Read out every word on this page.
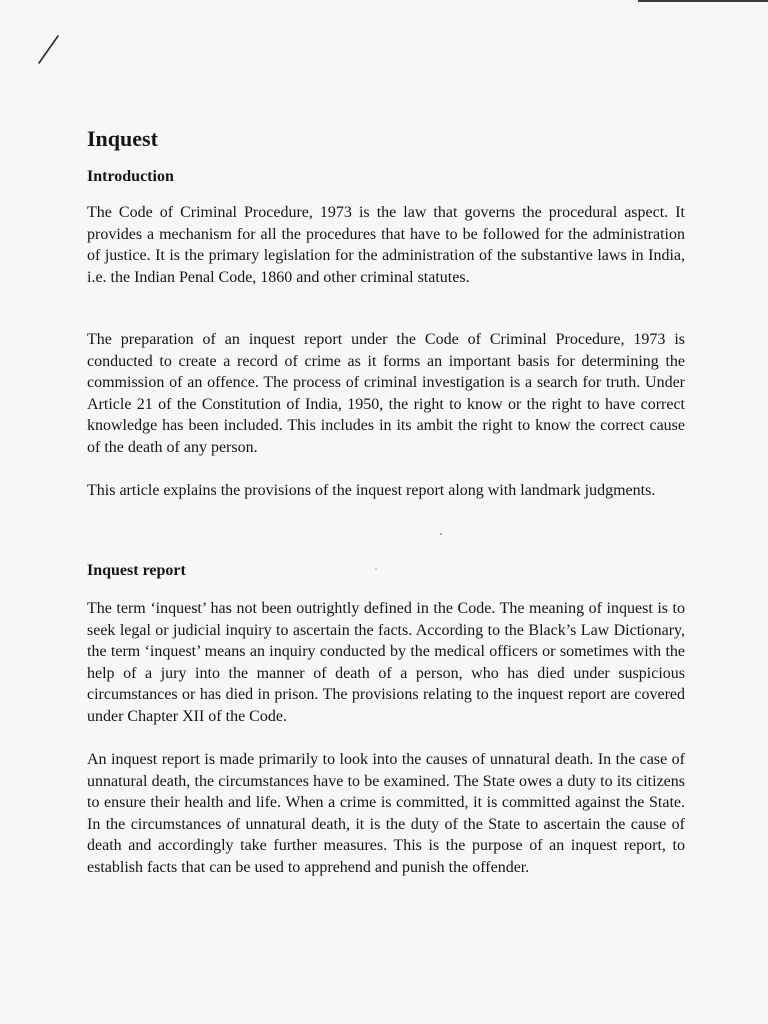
Inquest
Introduction

The Code of Criminal Procedure, 1973 is the law that governs the procedural aspect. It provides a mechanism for all the procedures that have to be followed for the administration of justice. It is the primary legislation for the administration of the substantive laws in India, i.e. the Indian Penal Code, 1860 and other criminal statutes.

The preparation of an inquest report under the Code of Criminal Procedure, 1973 is conducted to create a record of crime as it forms an important basis for determining the commission of an offence. The process of criminal investigation is a search for truth. Under Article 21 of the Constitution of India, 1950, the right to know or the right to have correct knowledge has been included. This includes in its ambit the right to know the correct cause of the death of any person.

This article explains the provisions of the inquest report along with landmark judgments.

Inquest report

The term ‘inquest’ has not been outrightly defined in the Code. The meaning of inquest is to seek legal or judicial inquiry to ascertain the facts. According to the Black’s Law Dictionary, the term ‘inquest’ means an inquiry conducted by the medical officers or sometimes with the help of a jury into the manner of death of a person, who has died under suspicious circumstances or has died in prison. The provisions relating to the inquest report are covered under Chapter XII of the Code.

An inquest report is made primarily to look into the causes of unnatural death. In the case of unnatural death, the circumstances have to be examined. The State owes a duty to its citizens to ensure their health and life. When a crime is committed, it is committed against the State. In the circumstances of unnatural death, it is the duty of the State to ascertain the cause of death and accordingly take further measures. This is the purpose of an inquest report, to establish facts that can be used to apprehend and punish the offender.
